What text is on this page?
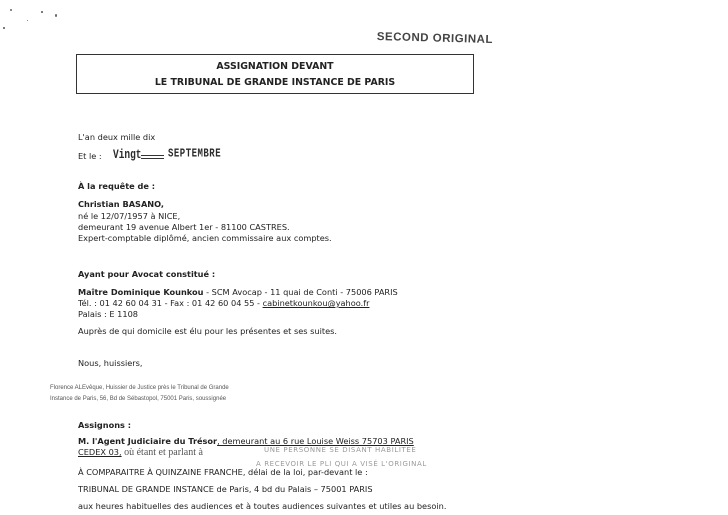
SECOND ORIGINAL
ASSIGNATION DEVANT
LE TRIBUNAL DE GRANDE INSTANCE DE PARIS
L'an deux mille dix
Et le : Vingt	SEPTEMBRE
À la requête de :
Christian BASANO,
né le 12/07/1957 à NICE,
demeurant 19 avenue Albert 1er - 81100 CASTRES.
Expert-comptable diplômé, ancien commissaire aux comptes.
Ayant pour Avocat constitué :
Maître Dominique Kounkou - SCM Avocap - 11 quai de Conti - 75006 PARIS
Tél. : 01 42 60 04 31 - Fax : 01 42 60 04 55 - cabinetkounkou@yahoo.fr
Palais : E 1108
Auprès de qui domicile est élu pour les présentes et ses suites.
Nous, huissiers,
Florence ALEvêque, Huissier de Justice près le Tribunal de Grande
Instance de Paris, 56, Bd de Sébastopol, 75001 Paris, soussignée
Assignons :
M. l'Agent Judiciaire du Trésor, demeurant au 6 rue Louise Weiss 75703 PARIS
UNE PERSONNE SE DISANT HABILITEE
CEDEX 03, où étant et parlant à
A RECEVOIR LE PLI QUI A VISÉ L'ORIGINAL
À COMPARAITRE À QUINZAINE FRANCHE, délai de la loi, par-devant le :
TRIBUNAL DE GRANDE INSTANCE de Paris, 4 bd du Palais – 75001 PARIS
aux heures habituelles des audiences et à toutes audiences suivantes et utiles au besoin.
